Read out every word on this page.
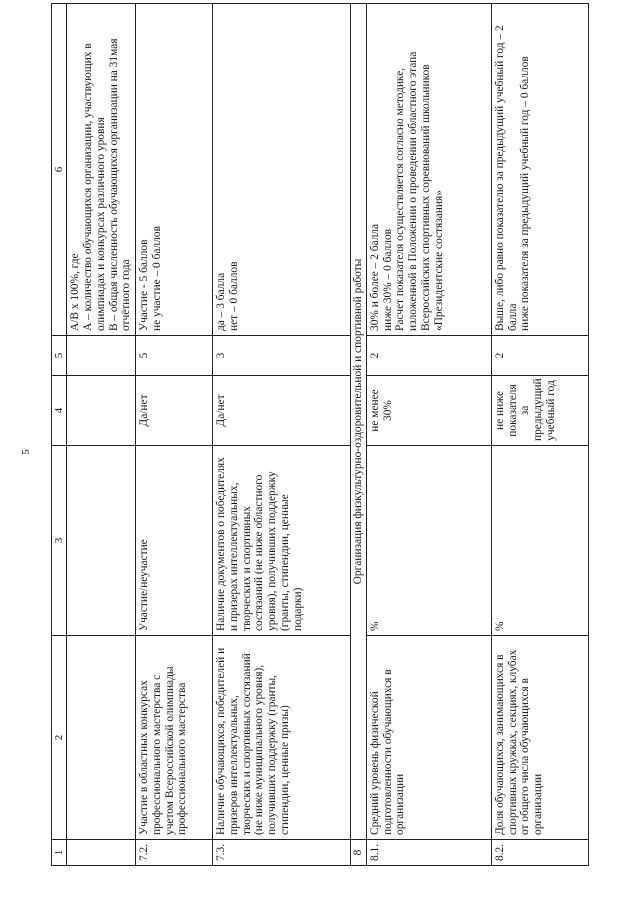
5
1	2	3	4	5	6
					A/B x 100%, где
А – количество обучающихся организации, участвующих в олимпиадах и конкурсах различного уровня
В – общая численность обучающихся организации на 31мая отчётного года
7.2.	Участие в областных конкурсах профессионального мастерства с учетом Всероссийской олимпиады профессионального мастерства	Участие/неучастие	Да/нет	5	Участие - 5 баллов
не участие – 0 баллов
7.3.	Наличие обучающихся, победителей и призеров интеллектуальных, творческих и спортивных состязаний (не ниже муниципального уровня), получивших поддержку (гранты, стипендии, ценные призы)	Наличие документов о победителях и призерах интеллектуальных, творческих и спортивных состязаний (не ниже областного уровня), получивших поддержку (гранты, стипендии, ценные подарки)	Да/нет	3	да – 3 балла
нет – 0 баллов
8	Организация физкультурно-оздоровительной и спортивной работы				
8.1.	Средний уровень физической подготовленности обучающихся в организации	%	не менее 30%	2	30% и более – 2 балла
ниже 30% – 0 баллов
Расчет показателя осуществляется согласно методике, изложенной в Положении о проведении областного этапа Всероссийских спортивных соревнований школьников «Президентские состязания»
8.2.	Доля обучающихся, занимающихся в спортивных кружках, секциях, клубах от общего числа обучающихся в организации	%	не ниже показателя за предыдущий учебный год	2	Выше, либо равно показателю за предыдущий учебный год – 2 балла
ниже показателя за предыдущий учебный год – 0 баллов
